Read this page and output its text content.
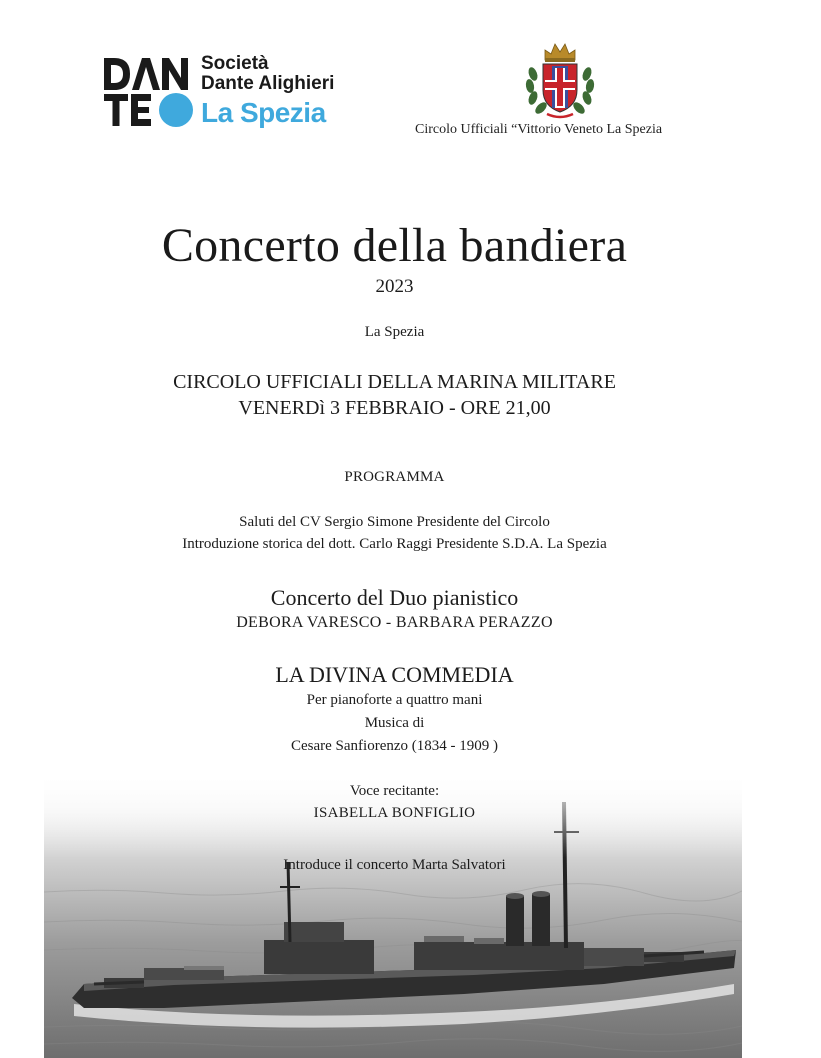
Società
Dante Alighieri
La Spezia
Circolo Ufficiali “Vittorio Veneto La Spezia
Concerto della bandiera
2023
La Spezia
CIRCOLO UFFICIALI DELLA MARINA MILITARE
VENERDì 3 FEBBRAIO - ORE 21,00
PROGRAMMA
Saluti del CV Sergio Simone Presidente del Circolo
Introduzione storica del dott. Carlo Raggi Presidente S.D.A. La Spezia
Concerto del Duo pianistico
DEBORA VARESCO - BARBARA PERAZZO
LA DIVINA COMMEDIA
Per pianoforte a quattro mani
Musica di
Cesare Sanfiorenzo (1834 - 1909 )
Voce recitante:
ISABELLA BONFIGLIO
Introduce il concerto Marta Salvatori
